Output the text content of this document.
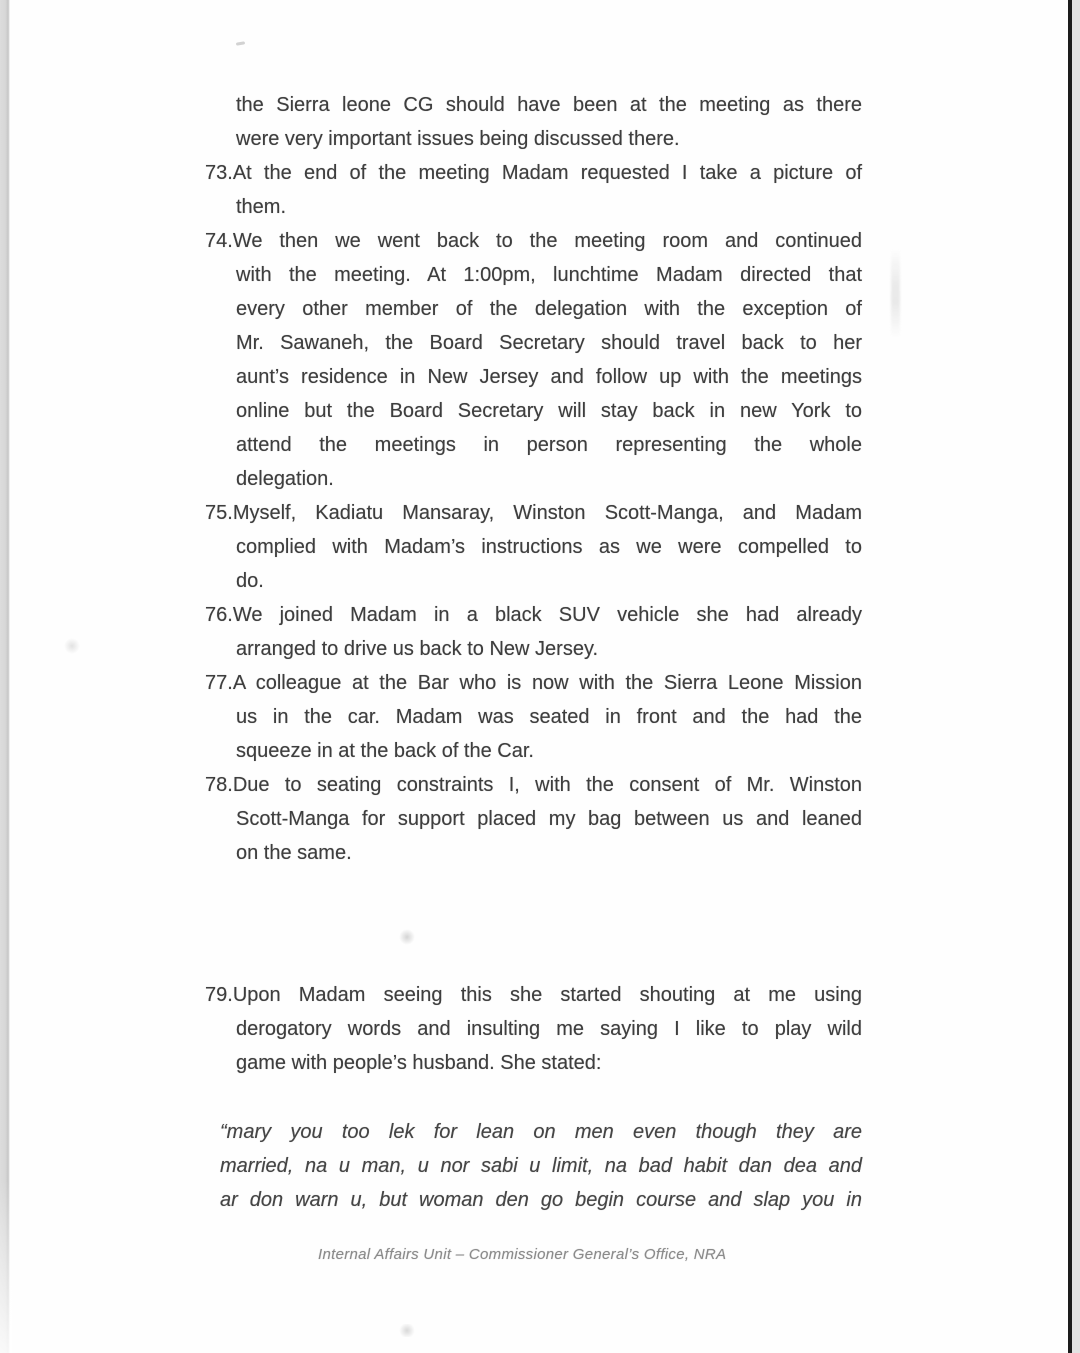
the Sierra leone CG should have been at the meeting as there
were very important issues being discussed there.
73.At the end of the meeting Madam requested I take a picture of
them.
74.We then we went back to the meeting room and continued
with the meeting. At 1:00pm, lunchtime Madam directed that
every other member of the delegation with the exception of
Mr. Sawaneh, the Board Secretary should travel back to her
aunt’s residence in New Jersey and follow up with the meetings
online but the Board Secretary will stay back in new York to
attend the meetings in person representing the whole
delegation.
75.Myself, Kadiatu Mansaray, Winston Scott-Manga, and Madam
complied with Madam’s instructions as we were compelled to
do.
76.We joined Madam in a black SUV vehicle she had already
arranged to drive us back to New Jersey.
77.A colleague at the Bar who is now with the Sierra Leone Mission
us in the car. Madam was seated in front and the had the
squeeze in at the back of the Car.
78.Due to seating constraints I, with the consent of Mr. Winston
Scott-Manga for support placed my bag between us and leaned
on the same.
79.Upon Madam seeing this she started shouting at me using
derogatory words and insulting me saying I like to play wild
game with people’s husband. She stated:
“mary you too lek for lean on men even though they are
married, na u man, u nor sabi u limit, na bad habit dan dea and
ar don warn u, but woman den go begin course and slap you in
Internal Affairs Unit – Commissioner General’s Office, NRA
